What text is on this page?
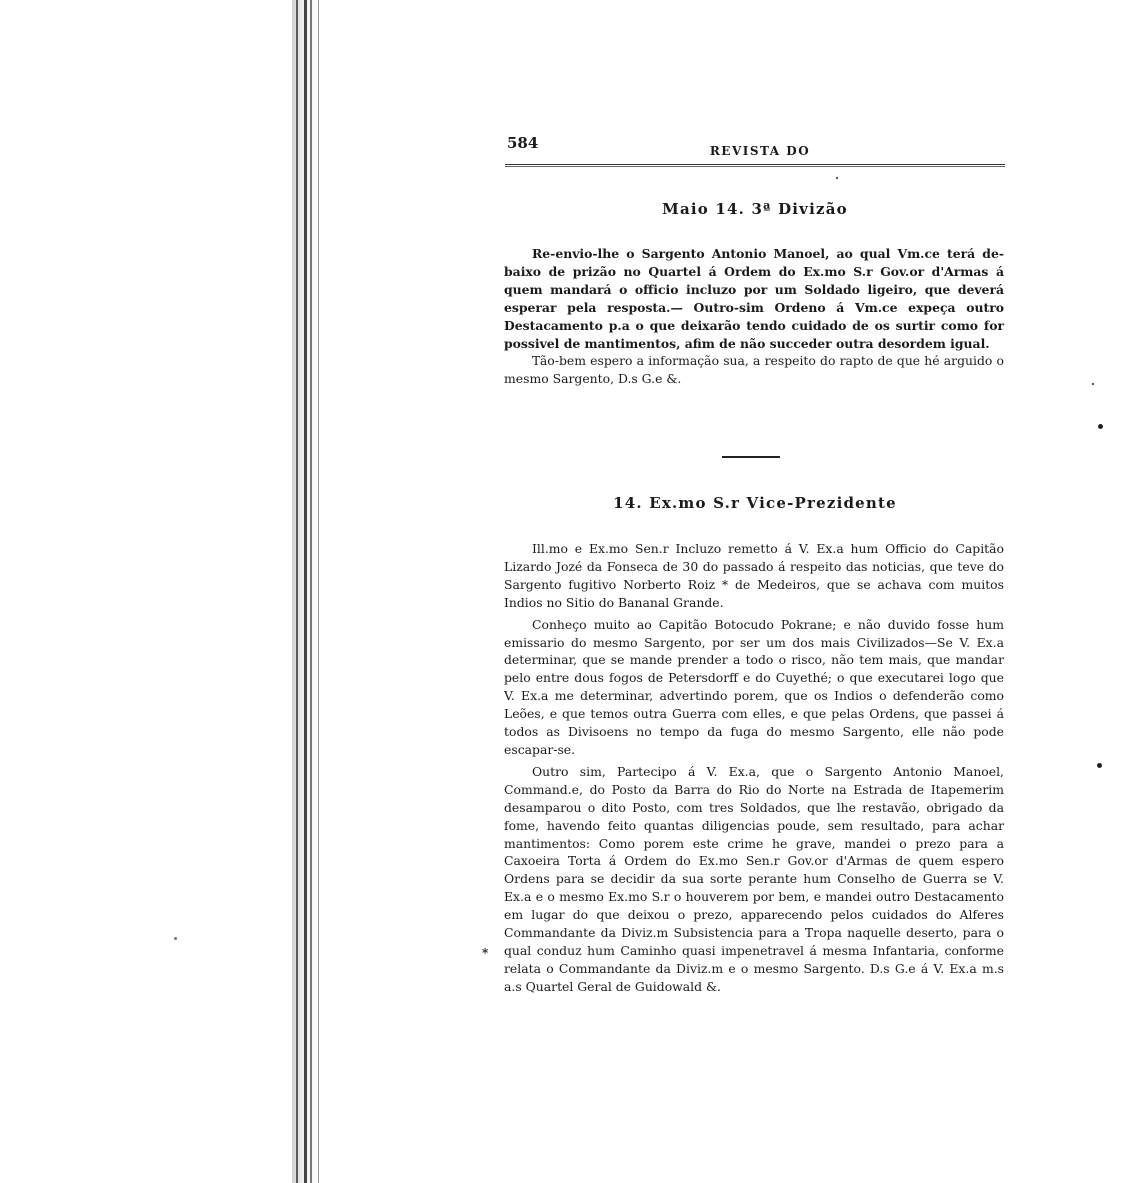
584	REVISTA DO
Maio 14. 3ª Divizão

Re-envio-lhe o Sargento Antonio Manoel, ao qual Vm.ce terá de-baixo de prizão no Quartel á Ordem do Ex.mo S.r Gov.or d'Armas á quem mandará o officio incluzo por um Soldado ligeiro, que deverá esperar pela resposta.— Outro-sim Ordeno á Vm.ce expeça outro Destacamento p.a o que deixarão tendo cuidado de os surtir como for possivel de mantimentos, afim de não succeder outra desordem igual.

Tão-bem espero a informação sua, a respeito do rapto de que hé arguido o mesmo Sargento, D.s G.e &.

14. Ex.mo S.r Vice-Prezidente

Ill.mo e Ex.mo Sen.r Incluzo remetto á V. Ex.a hum Officio do Capitão Lizardo Jozé da Fonseca de 30 do passado á respeito das noticias, que teve do Sargento fugitivo Norberto Roiz * de Medeiros, que se achava com muitos Indios no Sitio do Bananal Grande.

Conheço muito ao Capitão Botocudo Pokrane; e não duvido fosse hum emissario do mesmo Sargento, por ser um dos mais Civilizados—Se V. Ex.a determinar, que se mande prender a todo o risco, não tem mais, que mandar pelo entre dous fogos de Petersdorff e do Cuyethé; o que executarei logo que V. Ex.a me determinar, advertindo porem, que os Indios o defenderão como Leões, e que temos outra Guerra com elles, e que pelas Ordens, que passei á todos as Divisoens no tempo da fuga do mesmo Sargento, elle não pode escapar-se.

Outro sim, Partecipo á V. Ex.a, que o Sargento Antonio Manoel, Command.e, do Posto da Barra do Rio do Norte na Estrada de Itapemerim desamparou o dito Posto, com tres Soldados, que lhe restavão, obrigado da fome, havendo feito quantas diligencias poude, sem resultado, para achar mantimentos: Como porem este crime he grave, mandei o prezo para a Caxoeira Torta á Ordem do Ex.mo Sen.r Gov.or d'Armas de quem espero Ordens para se decidir da sua sorte perante hum Conselho de Guerra se V. Ex.a e o mesmo Ex.mo S.r o houverem por bem, e mandei outro Destacamento em lugar do que deixou o prezo, apparecendo pelos cuidados do Alferes Commandante da Diviz.m Subsistencia para a Tropa naquelle deserto, para o qual conduz hum Caminho quasi impenetravel á mesma Infantaria, conforme relata o Commandante da Diviz.m e o mesmo Sargento. D.s G.e á V. Ex.a m.s a.s Quartel Geral de Guidowald &.

*
